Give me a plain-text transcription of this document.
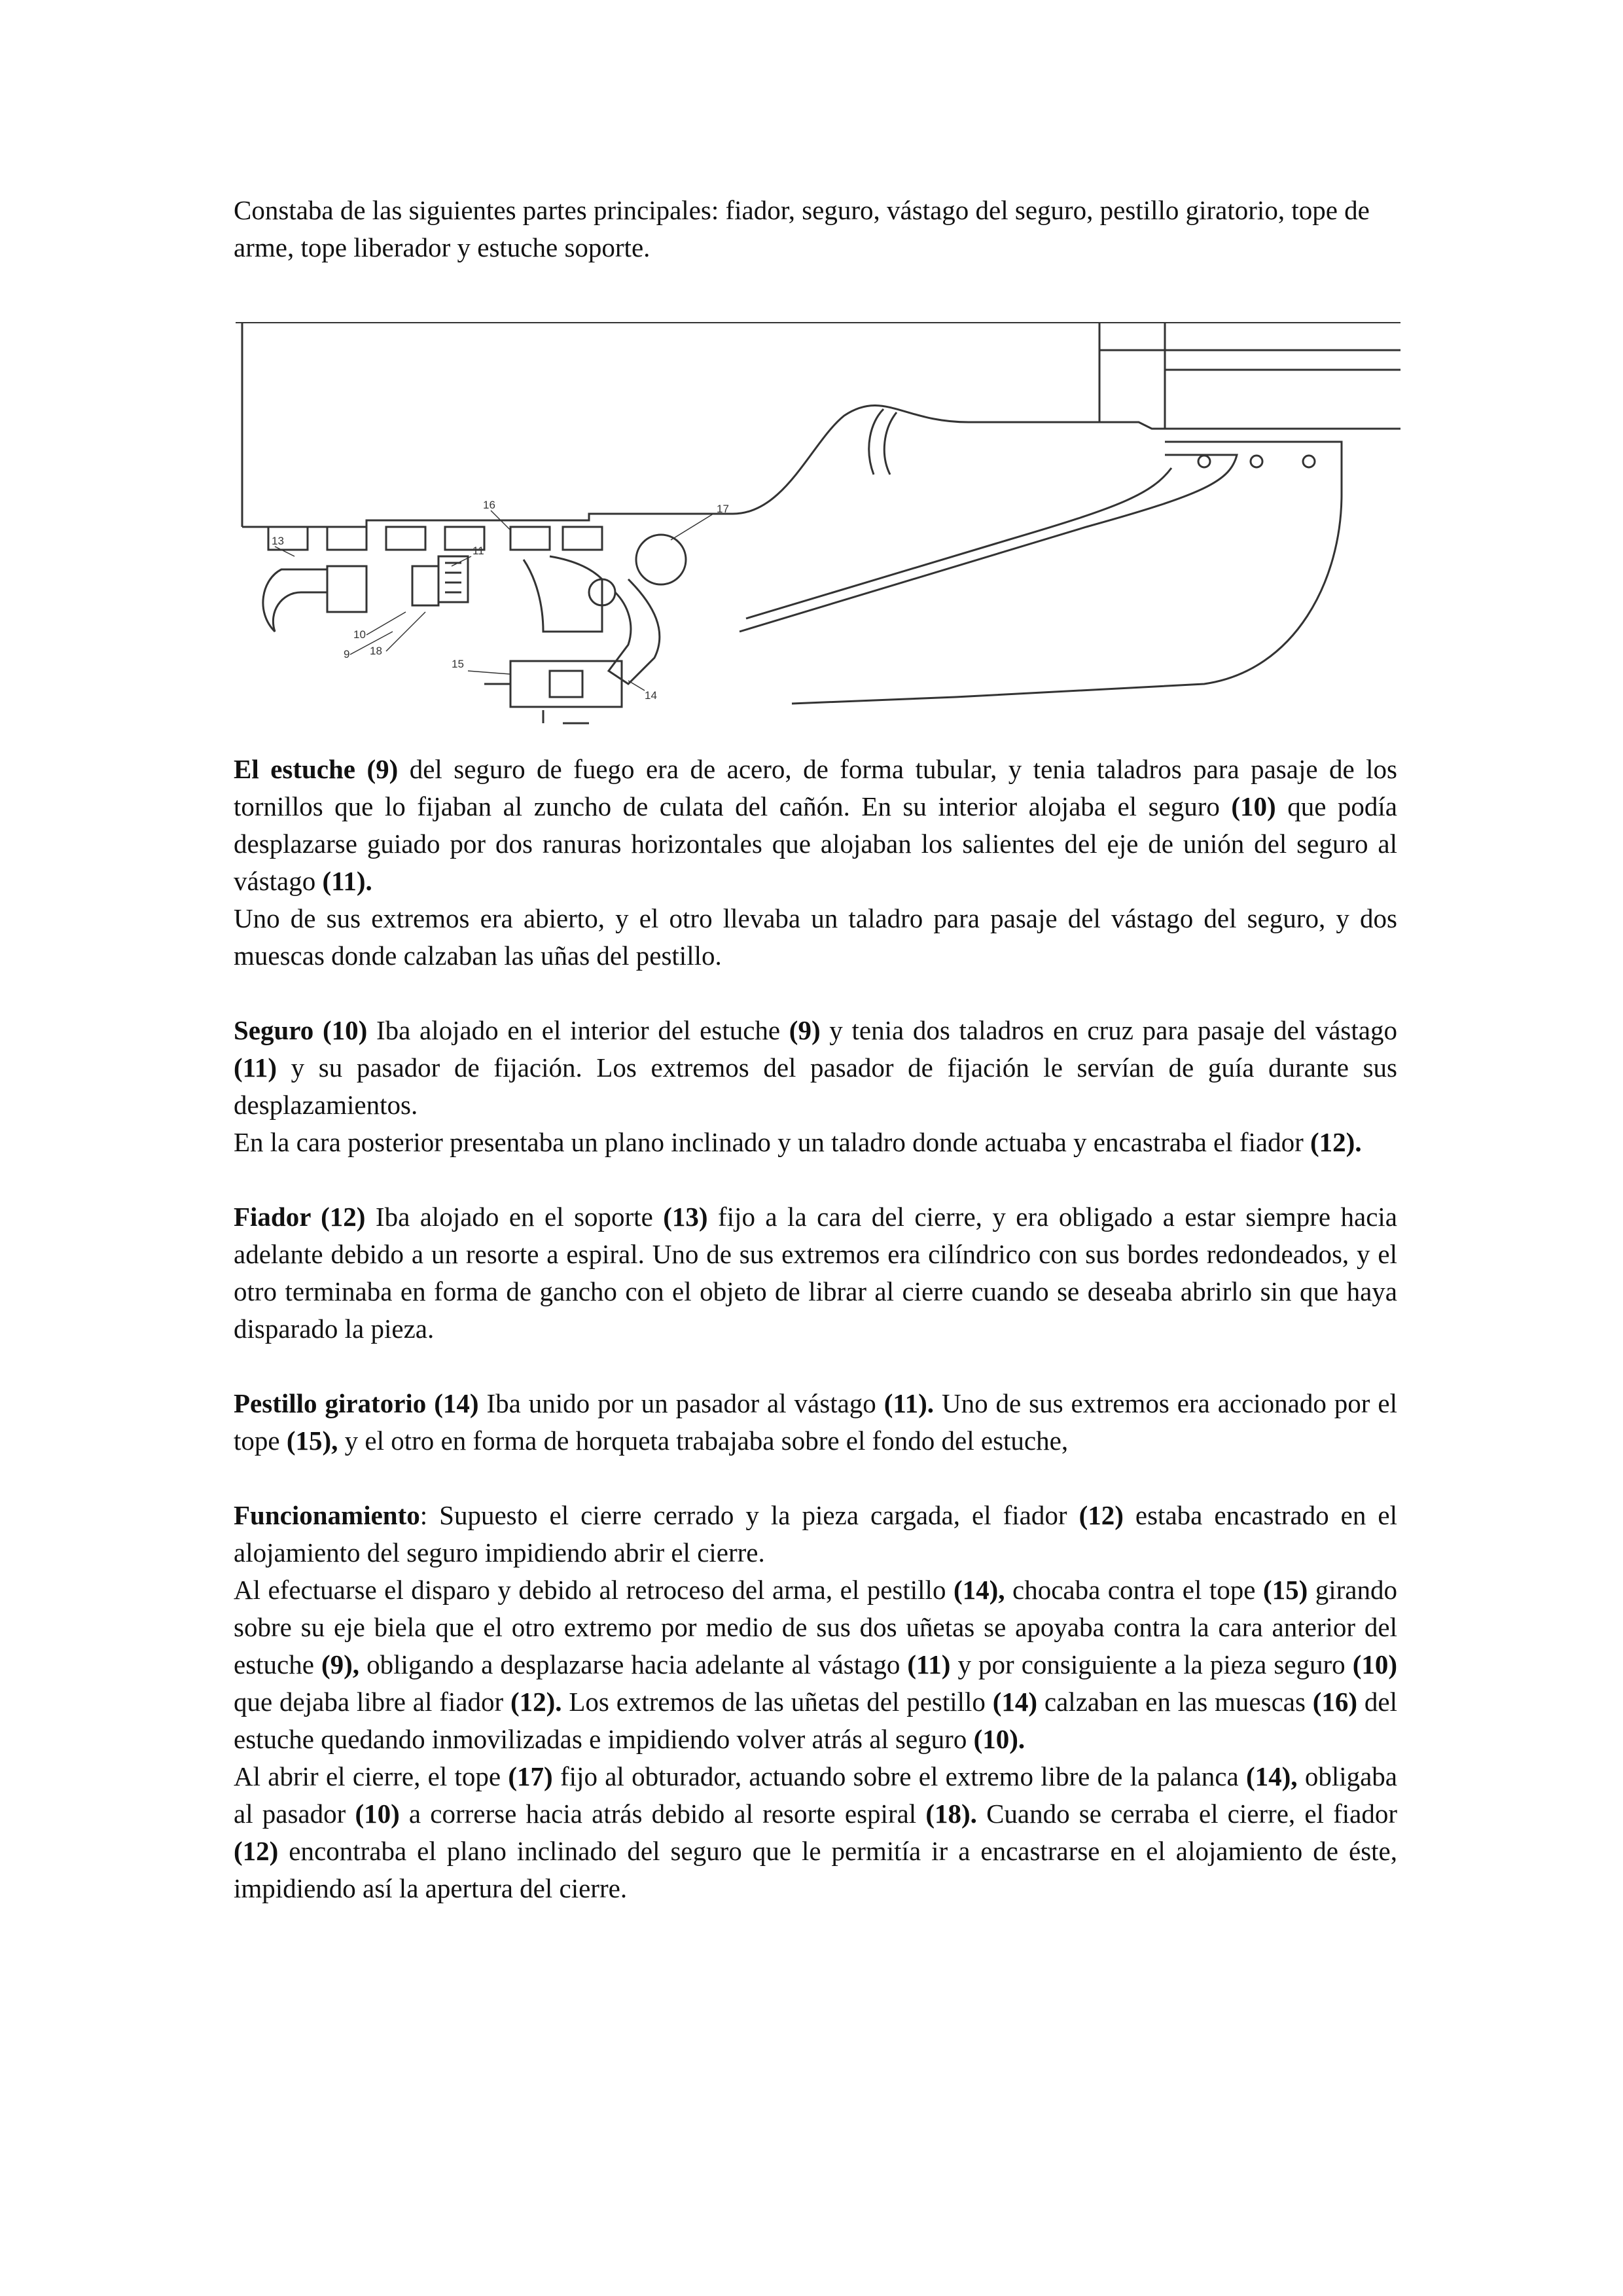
Constaba de las siguientes partes principales: fiador, seguro, vástago del seguro, pestillo giratorio, tope de arme, tope liberador y estuche soporte.

16	17
13
11
10
9 18
15
14

El estuche (9) del seguro de fuego era de acero, de forma tubular, y tenia taladros para pasaje de los tornillos que lo fijaban al zuncho de culata del cañón. En su interior alojaba el seguro (10) que podía desplazarse guiado por dos ranuras horizontales que alojaban los salientes del eje de unión del seguro al vástago (11).

Uno de sus extremos era abierto, y el otro llevaba un taladro para pasaje del vástago del seguro, y dos muescas donde calzaban las uñas del pestillo.

Seguro (10) Iba alojado en el interior del estuche (9) y tenia dos taladros en cruz para pasaje del vástago (11) y su pasador de fijación. Los extremos del pasador de fijación le servían de guía durante sus desplazamientos.

En la cara posterior presentaba un plano inclinado y un taladro donde actuaba y encastraba el fiador (12).

Fiador (12) Iba alojado en el soporte (13) fijo a la cara del cierre, y era obligado a estar siempre hacia adelante debido a un resorte a espiral. Uno de sus extremos era cilíndrico con sus bordes redondeados, y el otro terminaba en forma de gancho con el objeto de librar al cierre cuando se deseaba abrirlo sin que haya disparado la pieza.

Pestillo giratorio (14) Iba unido por un pasador al vástago (11). Uno de sus extremos era accionado por el tope (15), y el otro en forma de horqueta trabajaba sobre el fondo del estuche,

Funcionamiento: Supuesto el cierre cerrado y la pieza cargada, el fiador (12) estaba encastrado en el alojamiento del seguro impidiendo abrir el cierre.

Al efectuarse el disparo y debido al retroceso del arma, el pestillo (14), chocaba contra el tope (15) girando sobre su eje biela que el otro extremo por medio de sus dos uñetas se apoyaba contra la cara anterior del estuche (9), obligando a desplazarse hacia adelante al vástago (11) y por consiguiente a la pieza seguro (10) que dejaba libre al fiador (12). Los extremos de las uñetas del pestillo (14) calzaban en las muescas (16) del estuche quedando inmovilizadas e impidiendo volver atrás al seguro (10).

Al abrir el cierre, el tope (17) fijo al obturador, actuando sobre el extremo libre de la palanca (14), obligaba al pasador (10) a correrse hacia atrás debido al resorte espiral (18). Cuando se cerraba el cierre, el fiador (12) encontraba el plano inclinado del seguro que le permitía ir a encastrarse en el alojamiento de éste, impidiendo así la apertura del cierre.
